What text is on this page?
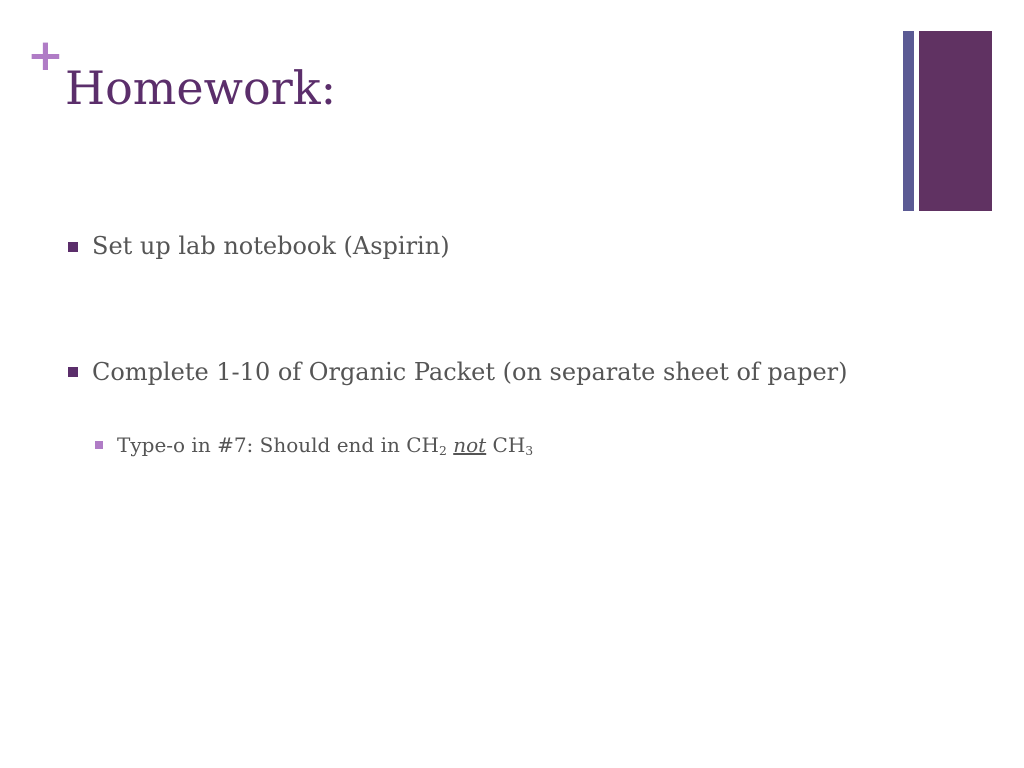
+
Homework:
Set up lab notebook (Aspirin)
Complete 1-10 of Organic Packet (on separate sheet of paper)
Type-o in #7: Should end in $CH_2$ not $CH_3$
